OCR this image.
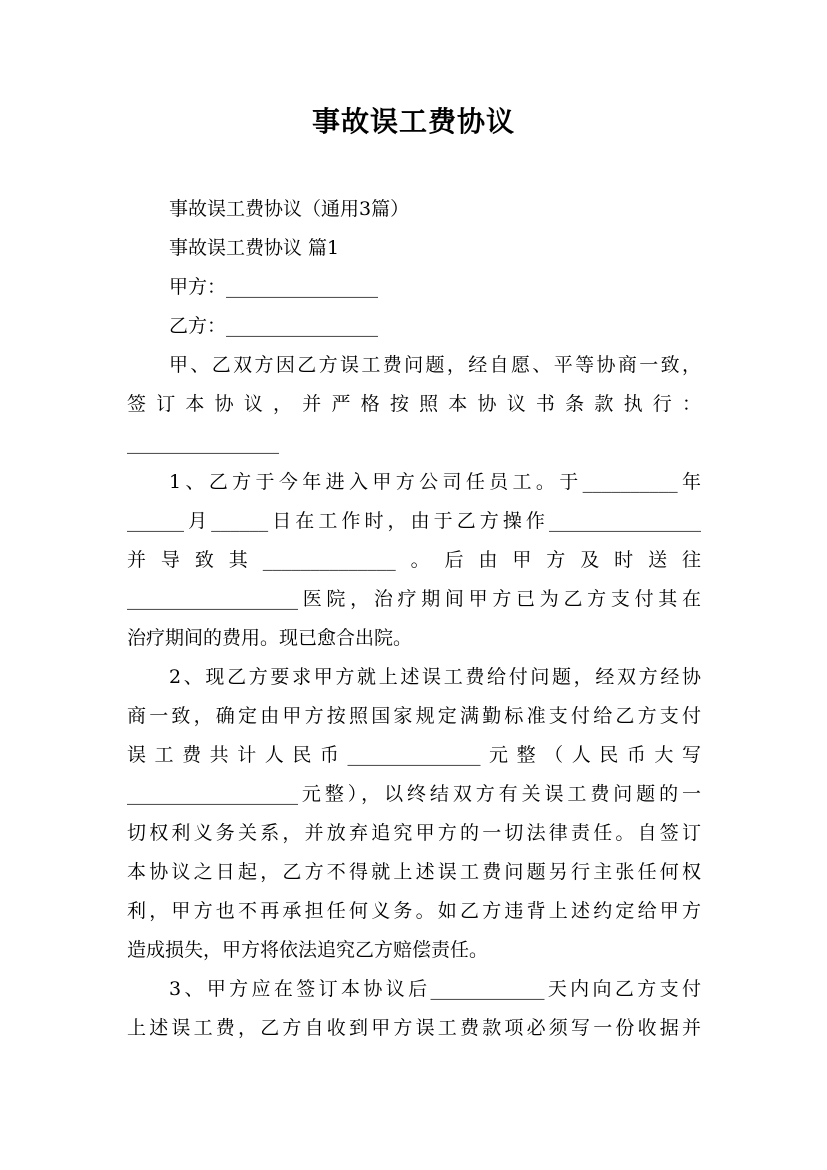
事故误工费协议
事故误工费协议（通用3篇）
事故误工费协议 篇1
甲方：________________
乙方：________________
甲、乙双方因乙方误工费问题，经自愿、平等协商一致，
签订本协议，并严格按照本协议书条款执行：
________________
1、乙方于今年进入甲方公司任员工。于__________年
______月______日在工作时，由于乙方操作________________
并导致其______________。后由甲方及时送往
__________________医院，治疗期间甲方已为乙方支付其在
治疗期间的费用。现已愈合出院。
2、现乙方要求甲方就上述误工费给付问题，经双方经协
商一致，确定由甲方按照国家规定满勤标准支付给乙方支付
误工费共计人民币______________元整（人民币大写
__________________元整），以终结双方有关误工费问题的一
切权利义务关系，并放弃追究甲方的一切法律责任。自签订
本协议之日起，乙方不得就上述误工费问题另行主张任何权
利，甲方也不再承担任何义务。如乙方违背上述约定给甲方
造成损失，甲方将依法追究乙方赔偿责任。
3、甲方应在签订本协议后____________天内向乙方支付
上述误工费，乙方自收到甲方误工费款项必须写一份收据并
